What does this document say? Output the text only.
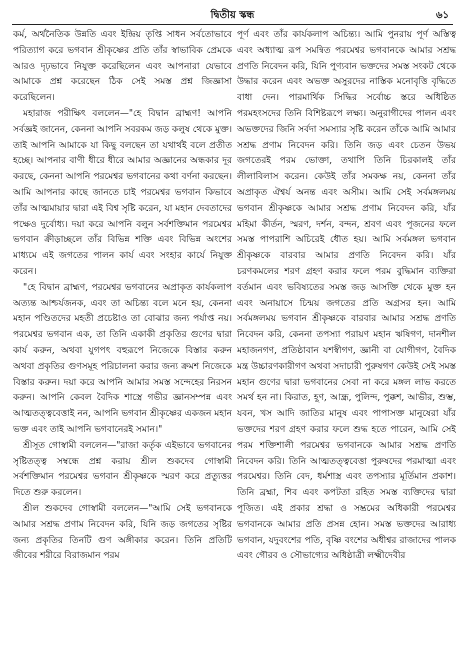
দ্বিতীয় স্কন্ধ	৬১

কর্ম, অর্থনৈতিক উন্নতি এবং ইন্দ্রিয় তৃপ্তি সাধন সর্বতোভাবে পরিত্যাগ করে ভগবান শ্রীকৃষ্ণের প্রতি তাঁর স্বাভাবিক প্রেমকে আরও দৃঢ়ভাবে নিযুক্ত করেছিলেন এবং আপনারা যেভাবে আমাকে প্রশ্ন করেছেন ঠিক সেই সমস্ত প্রশ্ন জিজ্ঞাসা করেছিলেন।

মহারাজ পরীক্ষিৎ বললেন—"হে বিদ্বান ব্রাহ্মণ! আপনি সর্বজ্ঞই জানেন, কেননা আপনি সবরকম জড় কলুষ থেকে মুক্ত। তাই আপনি আমাকে যা কিছু বলছেন তা যথার্থই বলে প্রতীত হচ্ছে। আপনার বাণী ধীরে ধীরে আমার অজ্ঞানের অন্ধকার দূর করছে, কেননা আপনি পরমেশ্বর ভগবানের কথা বর্ণনা করছেন। আমি আপনার কাছে জানতে চাই পরমেশ্বর ভগবান কিভাবে তাঁর আত্মমায়ার দ্বারা এই বিশ্ব সৃষ্টি করেন, যা মহান দেবতাদের পক্ষেও দুর্বোধ্য। দয়া করে আপনি বলুন সর্বশক্তিমান পরমেশ্বর ভগবান ক্রীড়াচ্ছলে তাঁর বিভিন্ন শক্তি এবং বিভিন্ন অংশের মাধ্যমে এই জগতের পালন কার্য এবং সংহার কার্যে নিযুক্ত করেন।

"হে বিদ্বান ব্রাহ্মণ, পরমেশ্বর ভগবানের অপ্রাকৃত কার্যকলাপ অত্যন্ত আশ্চর্যজনক, এবং তা অচিন্ত্য বলে মনে হয়, কেননা মহান পণ্ডিতদের মহতী প্রচেষ্টাও তা বোঝার জন্য পর্যাপ্ত নয়। পরমেশ্বর ভগবান এক, তা তিনি একাকী প্রকৃতির গুণের দ্বারা কার্য করুন, অথবা যুগপৎ বহুরূপে নিজেকে বিস্তার করুন অথবা প্রকৃতির গুণসমূহ পরিচালনা করার জন্য ক্রমশ নিজেকে বিস্তার করুন। দয়া করে আপনি আমার সমস্ত সন্দেহের নিরসন করুন। আপনি কেবল বৈদিক শাস্ত্রে গভীর জ্ঞানসম্পন্ন এবং আত্মতত্ত্ববেত্তাই নন, আপনি ভগবান শ্রীকৃষ্ণের একজন মহান ভক্ত এবং তাই আপনি ভগবানেরই সমান।"

শ্রীসূত গোস্বামী বললেন—"রাজা কর্তৃক এইভাবে ভগবানের সৃষ্টিতত্ত্ব সম্বন্ধে প্রশ্ন করায় শ্রীল শুকদেব গোস্বামী সর্বশক্তিমান পরমেশ্বর ভগবান শ্রীকৃষ্ণকে স্মরণ করে প্রত্যুত্তর দিতে শুরু করলেন।

শ্রীল শুকদেব গোস্বামী বললেন—"আমি সেই ভগবানকে আমার সশ্রদ্ধ প্রণাম নিবেদন করি, যিনি জড় জগতের সৃষ্টির জন্য প্রকৃতির তিনটি গুণ অঙ্গীকার করেন। তিনি প্রতিটি জীবের শরীরে বিরাজমান পরম

পূর্ণ এবং তাঁর কার্যকলাপ অচিন্ত্য। আমি পুনরায় পূর্ণ অস্তিত্ব এবং অধ্যাত্ম রূপ সমন্বিত পরমেশ্বর ভগবানকে আমার সশ্রদ্ধ প্রণতি নিবেদন করি, যিনি পুণ্যবান ভক্তদের সমস্ত সংকট থেকে উদ্ধার করেন এবং অভক্ত অসুরদের নাস্তিক মনোবৃত্তি বৃদ্ধিতে বাধা দেন। পারমার্থিক সিদ্ধির সর্বোচ্চ স্তরে অধিষ্ঠিত পরমহংসদের তিনি বিশিষ্টরূপে লক্ষ্য। অনুরাগীদের পালন এবং অভক্তদের জিনি সর্বদা সমস্যার সৃষ্টি করেন তাঁকে আমি আমার সশ্রদ্ধ প্রণাম নিবেদন করি। তিনি জড় এবং চেতন উভয় জগতেরই পরম ভোক্তা, তথাপি তিনি চিরকালই তাঁর লীলাবিলাস করেন। কেউই তাঁর সমকক্ষ নয়, কেননা তাঁর অপ্রাকৃত ঐশ্বর্য অনন্ত এবং অসীম। আমি সেই সর্বমঙ্গলময় ভগবান শ্রীকৃষ্ণকে আমার সশ্রদ্ধ প্রণাম নিবেদন করি, যাঁর মহিমা কীর্তন, স্মরণ, দর্শন, বন্দন, শ্রবণ এবং পূজনের ফলে সমস্ত পাপরাশি অচিরেই ধৌত হয়। আমি সর্বমঙ্গল ভগবান শ্রীকৃষ্ণকে বারবার আমার প্রণতি নিবেদন করি। যাঁর চরণকমলের শরণ গ্রহণ করার ফলে পরম বুদ্ধিমান ব্যক্তিরা বর্তমান এবং ভবিষ্যতের সমস্ত জড় আসক্তি থেকে মুক্ত হন এবং অনায়াসে চিন্ময় জগতের প্রতি অগ্রসর হন। আমি সর্বমঙ্গলময় ভগবান শ্রীকৃষ্ণকে বারবার আমার সশ্রদ্ধ প্রণতি নিবেদন করি, কেননা তপস্যা পরায়ণ মহান ঋষিগণ, দানশীল মহাজনগণ, প্রতিষ্ঠাবান যশস্বীগণ, জ্ঞানী বা যোগীগণ, বৈদিক মন্ত্র উচ্চারণকারীগণ অথবা সদাচারী পুরুষগণ কেউই সেই সমস্ত মহান গুণের দ্বারা ভগবানের সেবা না করে মঙ্গল লাভ করতে সমর্থ হন না। কিরাত, হূণ, আন্ধ্র, পুলিন্দ, পুক্কশ, আভীর, শুম্ভ, যবন, খস আদি জাতির মানুষ এবং পাপাসক্ত মানুষেরা যাঁর ভক্তদের শরণ গ্রহণ করার ফলে শুদ্ধ হতে পারেন, আমি সেই পরম শক্তিশালী পরমেশ্বর ভগবানকে আমার সশ্রদ্ধ প্রণতি নিবেদন করি। তিনি আত্মতত্ত্ববেত্তা পুরুষদের পরমাত্মা এবং পরমেশ্বর। তিনি বেদ, ধর্মশাস্ত্র এবং তপস্যার মূর্তিমান প্রকাশ। তিনি ব্রহ্মা, শিব এবং কপটতা রহিত সমস্ত ব্যক্তিদের দ্বারা পূজিত। এই প্রকার শ্রদ্ধা ও সম্ভ্রমের অধিকারী পরমেশ্বর ভগবানকে আমার প্রতি প্রসন্ন হোন। সমস্ত ভক্তদের আরাধ্য ভগবান, যদুবংশের পতি, বৃষ্ণি বংশের অধীশ্বর রাজাদের পালক এবং গৌরব ও সৌভাগ্যের অধিষ্ঠাত্রী লক্ষ্মীদেবীর
